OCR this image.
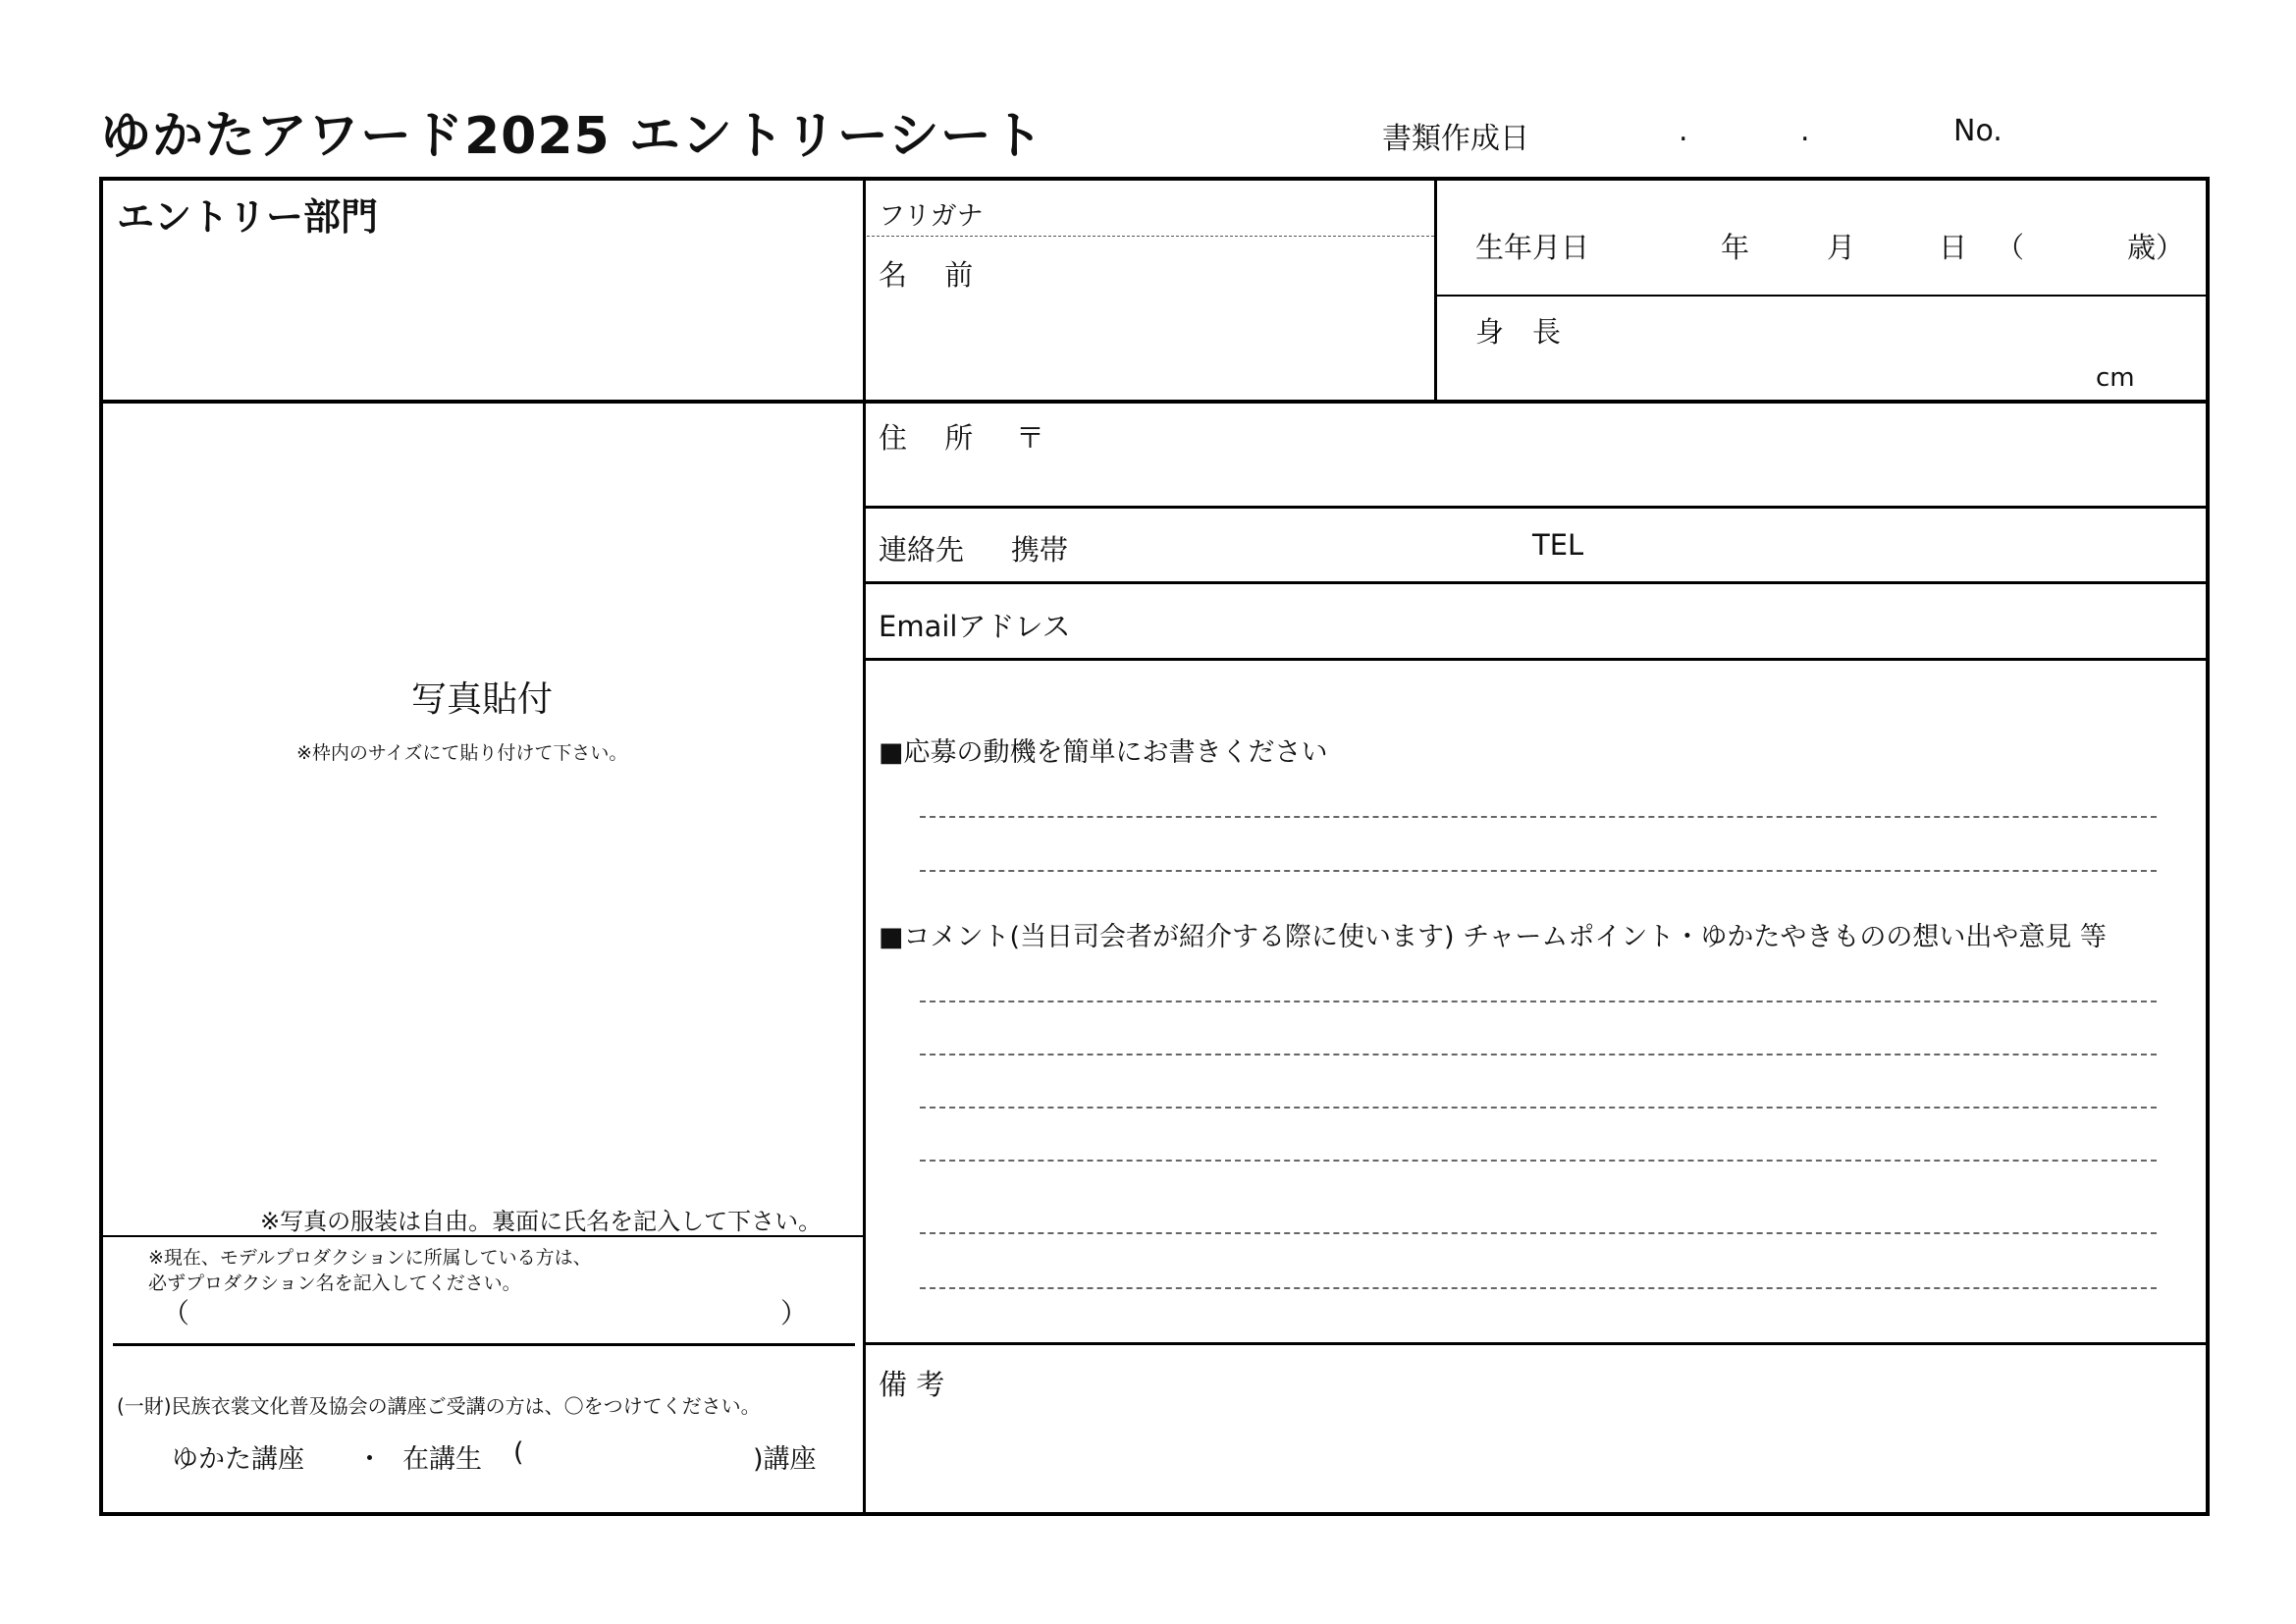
ゆかたアワード2025 エントリーシート	書類作成日	.	.	No.
エントリー部門	フリガナ
名　 前
生年月日	年	月	日 （	歳）
身　長
cm
住　 所 〒
連絡先 携帯	TEL
Emailアドレス
写真貼付
※枠内のサイズにて貼り付けて下さい。
※写真の服装は自由。裏面に氏名を記入して下さい。
※現在、モデルプロダクションに所属している方は、
必ずプロダクション名を記入してください。
（	）
(一財)民族衣裳文化普及協会の講座ご受講の方は、〇をつけてください。
ゆかた講座 ・ 在講生 (	)講座
■応募の動機を簡単にお書きください
■コメント(当日司会者が紹介する際に使います) チャームポイント・ゆかたやきものの想い出や意見 等
備 考
